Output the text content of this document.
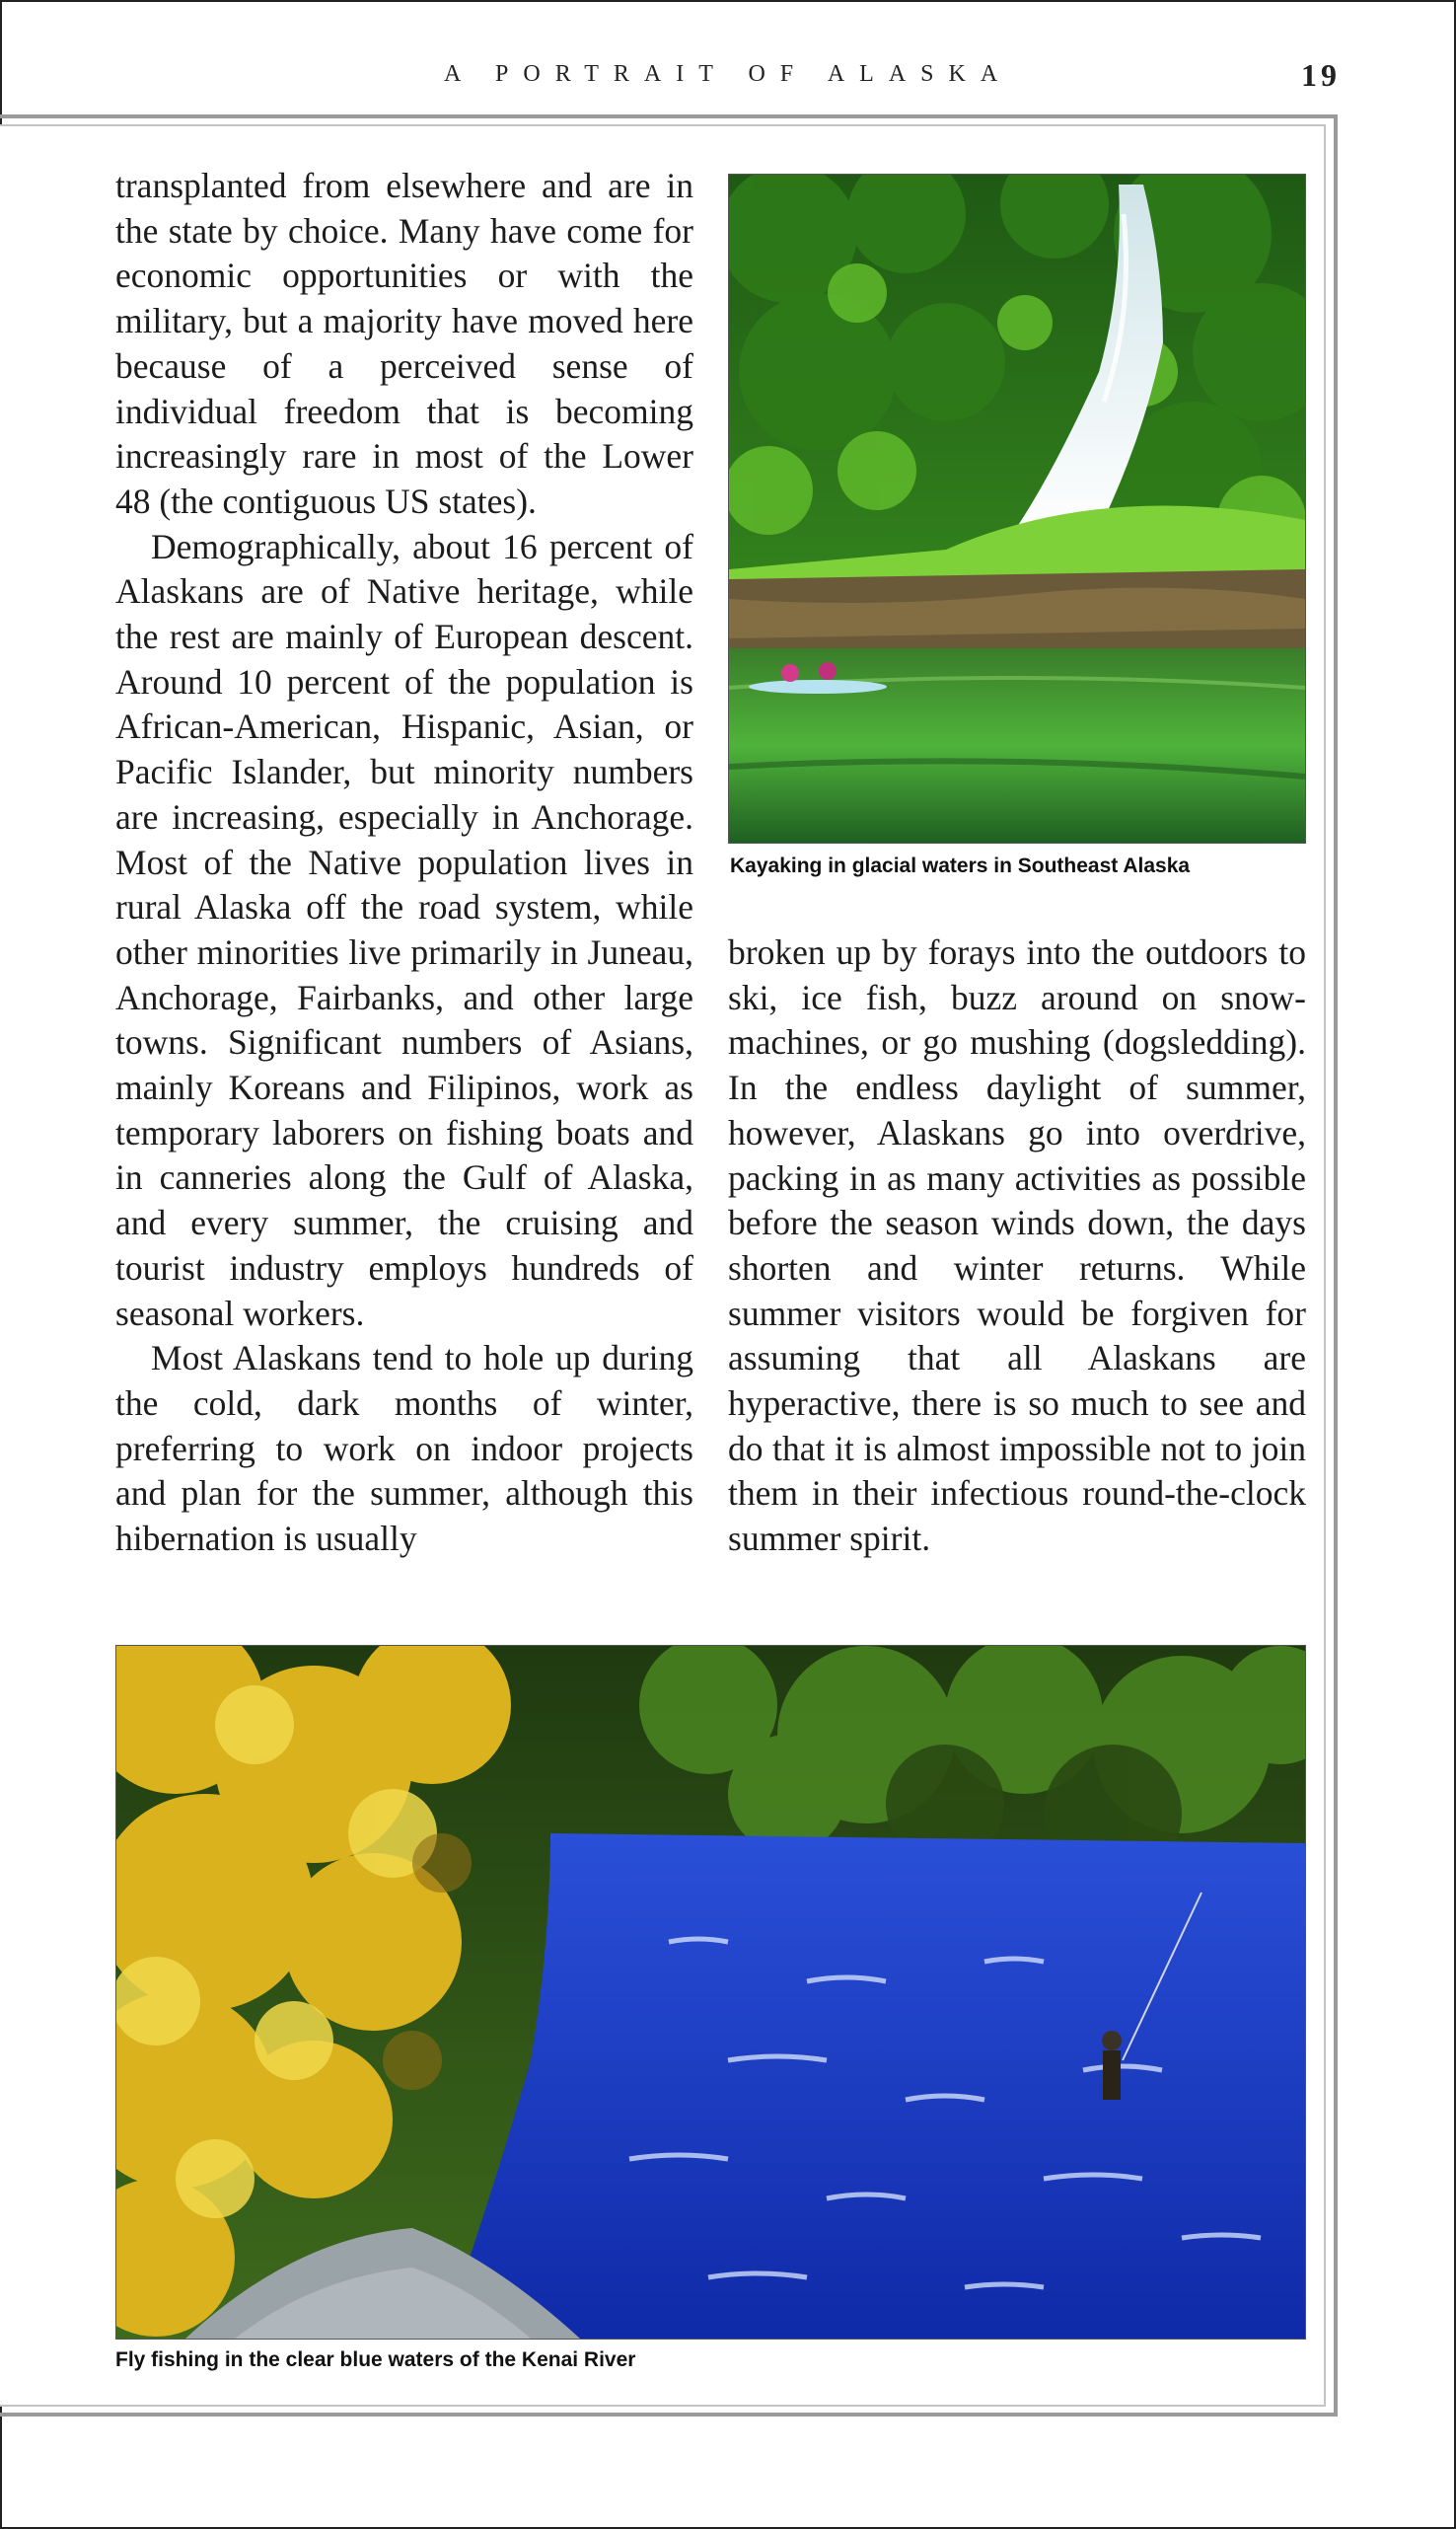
A PORTRAIT OF ALASKA	19

transplanted from elsewhere and are in the state by choice. Many have come for economic opportunities or with the military, but a majority have moved here because of a perceived sense of individual freedom that is becoming increasingly rare in most of the Lower 48 (the contiguous US states).

Demographically, about 16 percent of Alaskans are of Native heritage, while the rest are mainly of European descent. Around 10 percent of the population is African-American, Hispanic, Asian, or Pacific Islander, but minority numbers are increasing, especially in Anchorage. Most of the Native population lives in rural Alaska off the road system, while other minorities live primarily in Juneau, Anchorage, Fairbanks, and other large towns. Significant numbers of Asians, mainly Koreans and Filipinos, work as temporary laborers on fishing boats and in canneries along the Gulf of Alaska, and every summer, the cruising and tourist industry employs hundreds of seasonal workers.

Most Alaskans tend to hole up during the cold, dark months of winter, preferring to work on indoor projects and plan for the summer, although this hibernation is usually

Kayaking in glacial waters in Southeast Alaska

broken up by forays into the outdoors to ski, ice fish, buzz around on snowmachines, or go mushing (dogsledding). In the endless daylight of summer, however, Alaskans go into overdrive, packing in as many activities as possible before the season winds down, the days shorten and winter returns. While summer visitors would be forgiven for assuming that all Alaskans are hyperactive, there is so much to see and do that it is almost impossible not to join them in their infectious round-the-clock summer spirit.

Fly fishing in the clear blue waters of the Kenai River
